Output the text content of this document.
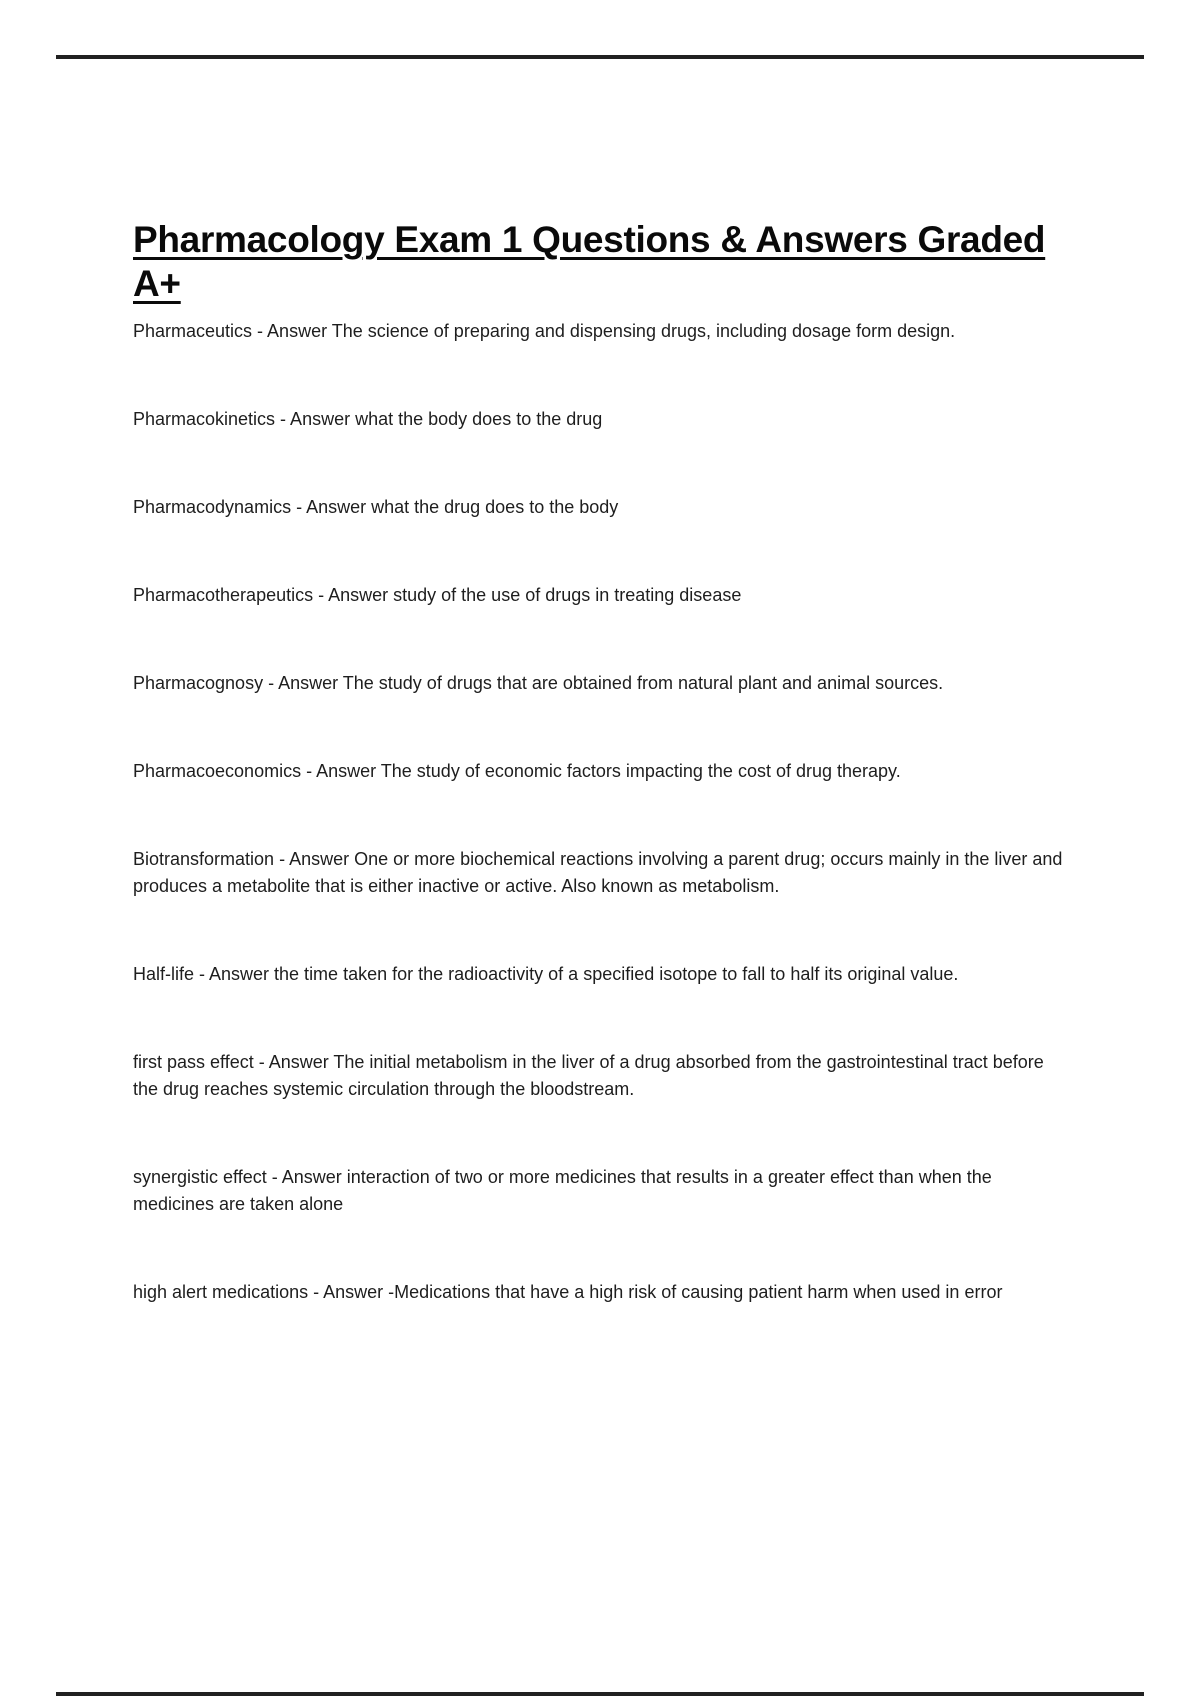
Pharmacology Exam 1 Questions & Answers Graded A+

Pharmaceutics - Answer The science of preparing and dispensing drugs, including dosage form design.

Pharmacokinetics - Answer what the body does to the drug

Pharmacodynamics - Answer what the drug does to the body

Pharmacotherapeutics - Answer study of the use of drugs in treating disease

Pharmacognosy - Answer The study of drugs that are obtained from natural plant and animal sources.

Pharmacoeconomics - Answer The study of economic factors impacting the cost of drug therapy.

Biotransformation - Answer One or more biochemical reactions involving a parent drug; occurs mainly in the liver and produces a metabolite that is either inactive or active. Also known as metabolism.

Half-life - Answer the time taken for the radioactivity of a specified isotope to fall to half its original value.

first pass effect - Answer The initial metabolism in the liver of a drug absorbed from the gastrointestinal tract before the drug reaches systemic circulation through the bloodstream.

synergistic effect - Answer interaction of two or more medicines that results in a greater effect than when the medicines are taken alone

high alert medications - Answer -Medications that have a high risk of causing patient harm when used in error
